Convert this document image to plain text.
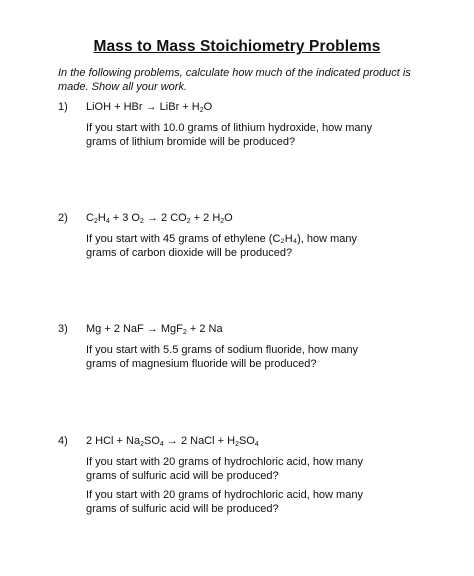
Mass to Mass Stoichiometry Problems
In the following problems, calculate how much of the indicated product is made. Show all your work.
1) LiOH + HBr → LiBr + $H_2O$
If you start with 10.0 grams of lithium hydroxide, how many grams of lithium bromide will be produced?
2) $C_2H_4 + 3$ $O_2 \to 2$ $CO_2 + 2$ $H_2O$
If you start with 45 grams of ethylene (C₂H₄), how many grams of carbon dioxide will be produced?
3) Mg + 2 NaF → MgF$_2$ + 2 Na
If you start with 5.5 grams of sodium fluoride, how many grams of magnesium fluoride will be produced?
4) 2 HCl + $Na_2SO_4 \to 2$ NaCl + $H_2SO_4$
If you start with 20 grams of hydrochloric acid, how many grams of sulfuric acid will be produced?
If you start with 20 grams of hydrochloric acid, how many grams of sulfuric acid will be produced?
